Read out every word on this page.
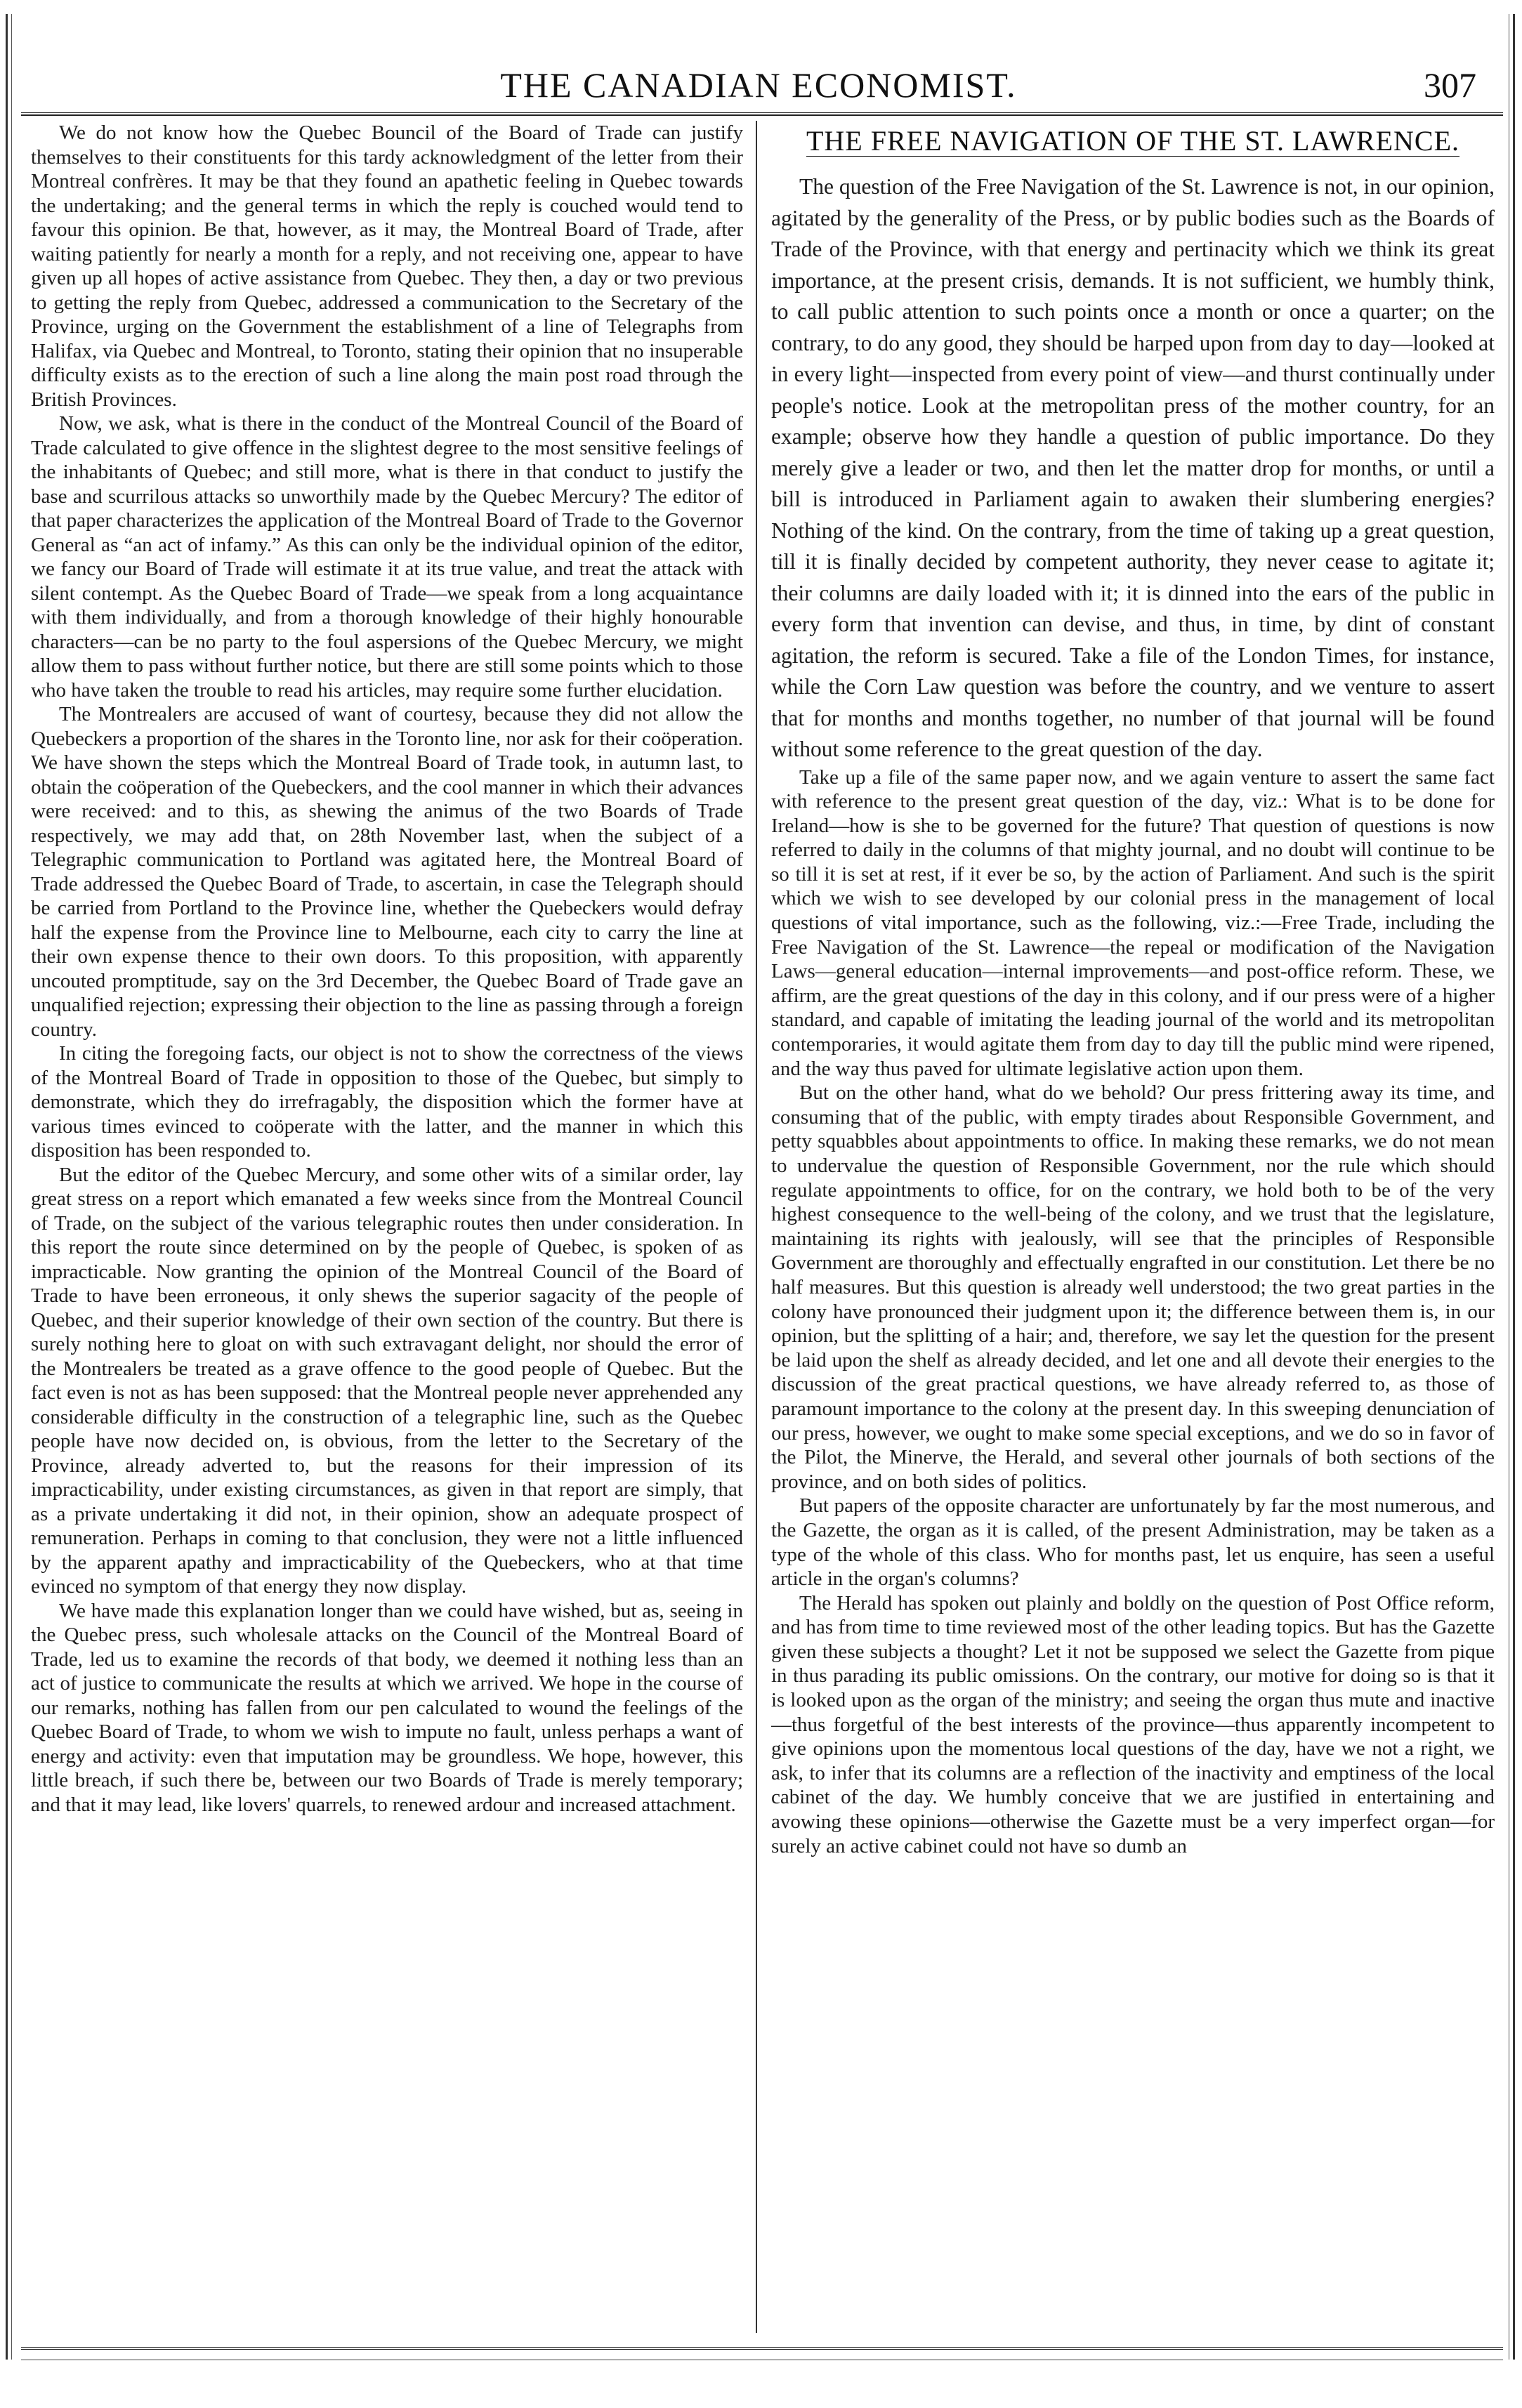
THE CANADIAN ECONOMIST.	307

We do not know how the Quebec Bouncil of the Board of Trade can justify themselves to their constituents for this tardy acknowledgment of the letter from their Montreal confrères. It may be that they found an apathetic feeling in Quebec towards the undertaking; and the general terms in which the reply is couched would tend to favour this opinion. Be that, however, as it may, the Montreal Board of Trade, after waiting patiently for nearly a month for a reply, and not receiving one, appear to have given up all hopes of active assistance from Quebec. They then, a day or two previous to getting the reply from Quebec, addressed a communication to the Secretary of the Province, urging on the Government the establishment of a line of Telegraphs from Halifax, via Quebec and Montreal, to Toronto, stating their opinion that no insuperable difficulty exists as to the erection of such a line along the main post road through the British Provinces.

Now, we ask, what is there in the conduct of the Montreal Council of the Board of Trade calculated to give offence in the slightest degree to the most sensitive feelings of the inhabitants of Quebec; and still more, what is there in that conduct to justify the base and scurrilous attacks so unworthily made by the Quebec Mercury? The editor of that paper characterizes the application of the Montreal Board of Trade to the Governor General as “an act of infamy.” As this can only be the individual opinion of the editor, we fancy our Board of Trade will estimate it at its true value, and treat the attack with silent contempt. As the Quebec Board of Trade—we speak from a long acquaintance with them individually, and from a thorough knowledge of their highly honourable characters—can be no party to the foul aspersions of the Quebec Mercury, we might allow them to pass without further notice, but there are still some points which to those who have taken the trouble to read his articles, may require some further elucidation.

The Montrealers are accused of want of courtesy, because they did not allow the Quebeckers a proportion of the shares in the Toronto line, nor ask for their coöperation. We have shown the steps which the Montreal Board of Trade took, in autumn last, to obtain the coöperation of the Quebeckers, and the cool manner in which their advances were received: and to this, as shewing the animus of the two Boards of Trade respectively, we may add that, on 28th November last, when the subject of a Telegraphic communication to Portland was agitated here, the Montreal Board of Trade addressed the Quebec Board of Trade, to ascertain, in case the Telegraph should be carried from Portland to the Province line, whether the Quebeckers would defray half the expense from the Province line to Melbourne, each city to carry the line at their own expense thence to their own doors. To this proposition, with apparently uncouted promptitude, say on the 3rd December, the Quebec Board of Trade gave an unqualified rejection; expressing their objection to the line as passing through a foreign country.

In citing the foregoing facts, our object is not to show the correctness of the views of the Montreal Board of Trade in opposition to those of the Quebec, but simply to demonstrate, which they do irrefragably, the disposition which the former have at various times evinced to coöperate with the latter, and the manner in which this disposition has been responded to.

But the editor of the Quebec Mercury, and some other wits of a similar order, lay great stress on a report which emanated a few weeks since from the Montreal Council of Trade, on the subject of the various telegraphic routes then under consideration. In this report the route since determined on by the people of Quebec, is spoken of as impracticable. Now granting the opinion of the Montreal Council of the Board of Trade to have been erroneous, it only shews the superior sagacity of the people of Quebec, and their superior knowledge of their own section of the country. But there is surely nothing here to gloat on with such extravagant delight, nor should the error of the Montrealers be treated as a grave offence to the good people of Quebec. But the fact even is not as has been supposed: that the Montreal people never apprehended any considerable difficulty in the construction of a telegraphic line, such as the Quebec people have now decided on, is obvious, from the letter to the Secretary of the Province, already adverted to, but the reasons for their impression of its impracticability, under existing circumstances, as given in that report are simply, that as a private undertaking it did not, in their opinion, show an adequate prospect of remuneration. Perhaps in coming to that conclusion, they were not a little influenced by the apparent apathy and impracticability of the Quebeckers, who at that time evinced no symptom of that energy they now display.

We have made this explanation longer than we could have wished, but as, seeing in the Quebec press, such wholesale attacks on the Council of the Montreal Board of Trade, led us to examine the records of that body, we deemed it nothing less than an act of justice to communicate the results at which we arrived. We hope in the course of our remarks, nothing has fallen from our pen calculated to wound the feelings of the Quebec Board of Trade, to whom we wish to impute no fault, unless perhaps a want of energy and activity: even that imputation may be groundless. We hope, however, this little breach, if such there be, between our two Boards of Trade is merely temporary; and that it may lead, like lovers' quarrels, to renewed ardour and increased attachment.

THE FREE NAVIGATION OF THE ST. LAWRENCE.

The question of the Free Navigation of the St. Lawrence is not, in our opinion, agitated by the generality of the Press, or by public bodies such as the Boards of Trade of the Province, with that energy and pertinacity which we think its great importance, at the present crisis, demands. It is not sufficient, we humbly think, to call public attention to such points once a month or once a quarter; on the contrary, to do any good, they should be harped upon from day to day—looked at in every light—inspected from every point of view—and thurst continually under people's notice. Look at the metropolitan press of the mother country, for an example; observe how they handle a question of public importance. Do they merely give a leader or two, and then let the matter drop for months, or until a bill is introduced in Parliament again to awaken their slumbering energies? Nothing of the kind. On the contrary, from the time of taking up a great question, till it is finally decided by competent authority, they never cease to agitate it; their columns are daily loaded with it; it is dinned into the ears of the public in every form that invention can devise, and thus, in time, by dint of constant agitation, the reform is secured. Take a file of the London Times, for instance, while the Corn Law question was before the country, and we venture to assert that for months and months together, no number of that journal will be found without some reference to the great question of the day.

Take up a file of the same paper now, and we again venture to assert the same fact with reference to the present great question of the day, viz.: What is to be done for Ireland—how is she to be governed for the future? That question of questions is now referred to daily in the columns of that mighty journal, and no doubt will continue to be so till it is set at rest, if it ever be so, by the action of Parliament. And such is the spirit which we wish to see developed by our colonial press in the management of local questions of vital importance, such as the following, viz.:—Free Trade, including the Free Navigation of the St. Lawrence—the repeal or modification of the Navigation Laws—general education—internal improvements—and post-office reform. These, we affirm, are the great questions of the day in this colony, and if our press were of a higher standard, and capable of imitating the leading journal of the world and its metropolitan contemporaries, it would agitate them from day to day till the public mind were ripened, and the way thus paved for ultimate legislative action upon them.

But on the other hand, what do we behold? Our press frittering away its time, and consuming that of the public, with empty tirades about Responsible Government, and petty squabbles about appointments to office. In making these remarks, we do not mean to undervalue the question of Responsible Government, nor the rule which should regulate appointments to office, for on the contrary, we hold both to be of the very highest consequence to the well-being of the colony, and we trust that the legislature, maintaining its rights with jealously, will see that the principles of Responsible Government are thoroughly and effectually engrafted in our constitution. Let there be no half measures. But this question is already well understood; the two great parties in the colony have pronounced their judgment upon it; the difference between them is, in our opinion, but the splitting of a hair; and, therefore, we say let the question for the present be laid upon the shelf as already decided, and let one and all devote their energies to the discussion of the great practical questions, we have already referred to, as those of paramount importance to the colony at the present day. In this sweeping denunciation of our press, however, we ought to make some special exceptions, and we do so in favor of the Pilot, the Minerve, the Herald, and several other journals of both sections of the province, and on both sides of politics.

But papers of the opposite character are unfortunately by far the most numerous, and the Gazette, the organ as it is called, of the present Administration, may be taken as a type of the whole of this class. Who for months past, let us enquire, has seen a useful article in the organ's columns?

The Herald has spoken out plainly and boldly on the question of Post Office reform, and has from time to time reviewed most of the other leading topics. But has the Gazette given these subjects a thought? Let it not be supposed we select the Gazette from pique in thus parading its public omissions. On the contrary, our motive for doing so is that it is looked upon as the organ of the ministry; and seeing the organ thus mute and inactive—thus forgetful of the best interests of the province—thus apparently incompetent to give opinions upon the momentous local questions of the day, have we not a right, we ask, to infer that its columns are a reflection of the inactivity and emptiness of the local cabinet of the day. We humbly conceive that we are justified in entertaining and avowing these opinions—otherwise the Gazette must be a very imperfect organ—for surely an active cabinet could not have so dumb an
